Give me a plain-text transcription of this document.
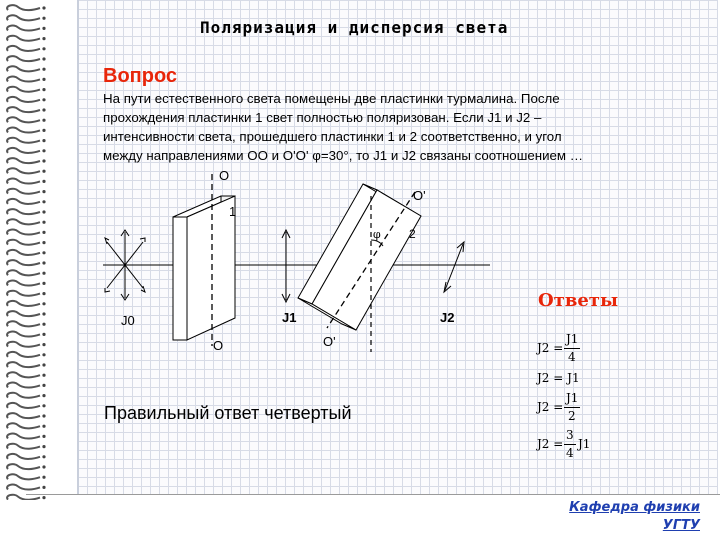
Поляризация и дисперсия света
Вопрос
На пути естественного света помещены две пластинки турмалина. После
прохождения пластинки 1 свет полностью поляризован. Если J1 и J2 –
интенсивности света, прошедшего пластинки 1 и 2 соответственно, и угол
между направлениями ОО и О'О' φ=30°, то J1 и J2 связаны соотношением …
O
O
O'
O'
1
2
φ
J0	J1	J2
Ответы
J2 =
J1
4
J2 = J1
J2 =
J1
2
J2 =
3
4
J1
Правильный ответ четвертый
Кафедра физики
УГТУ
